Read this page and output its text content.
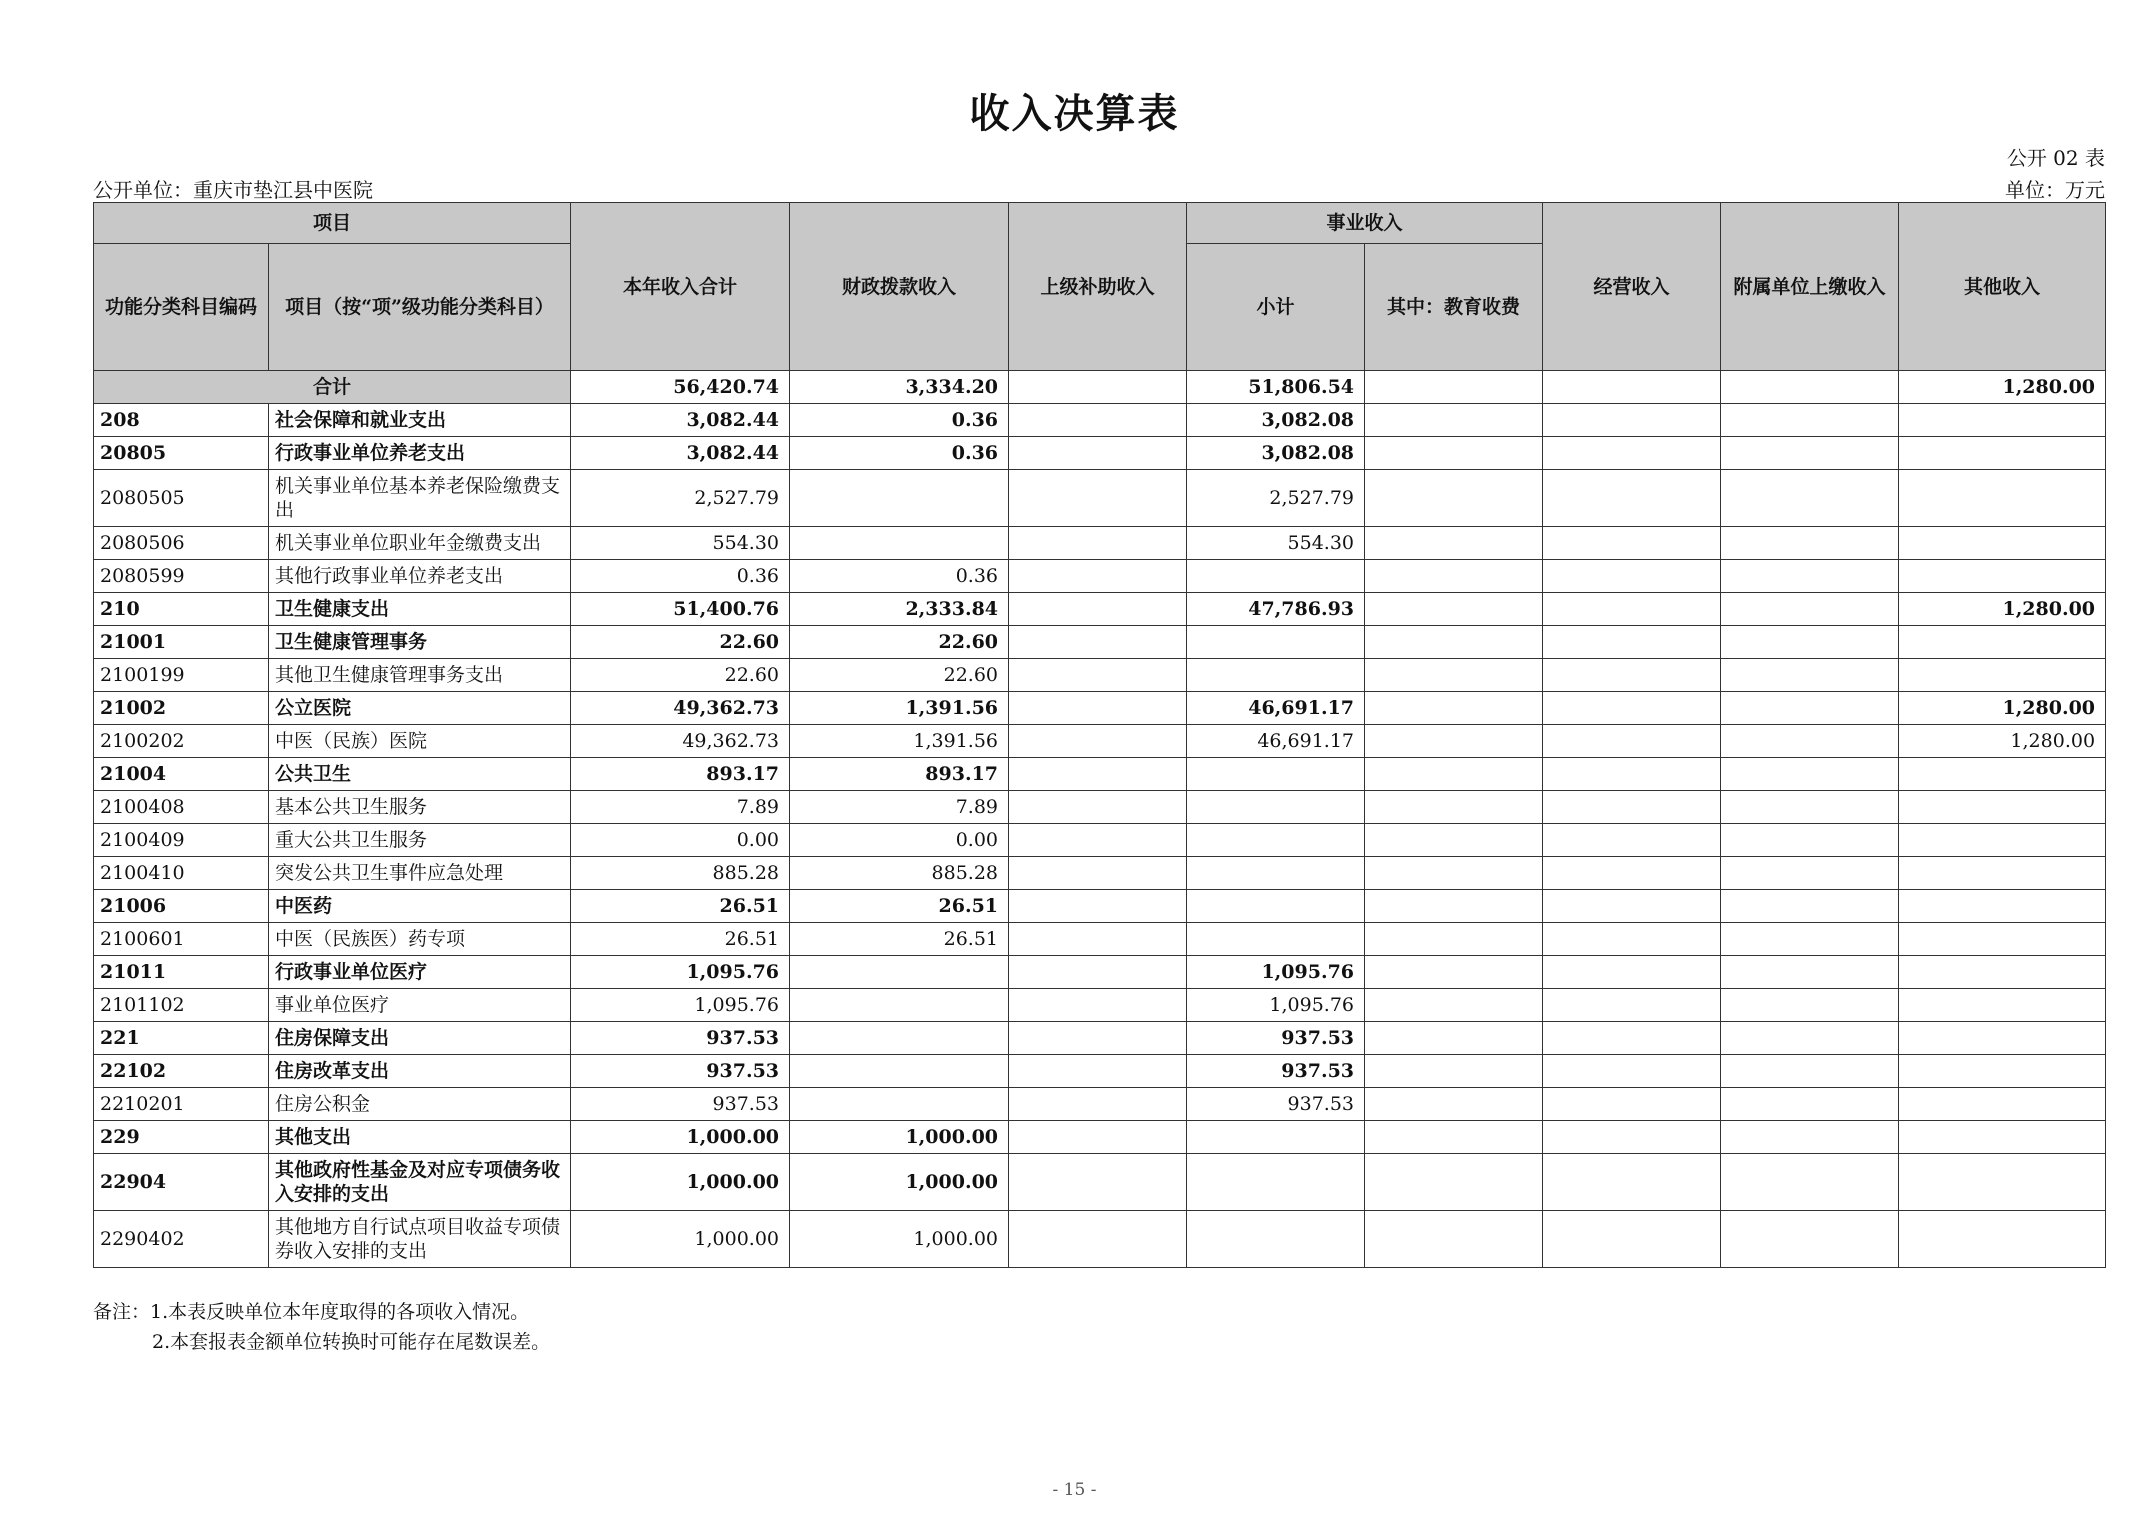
收入决算表
公开 02 表
公开单位：重庆市垫江县中医院	单位：万元
项目		本年收入合计	财政拨款收入	上级补助收入	事业收入		经营收入	附属单位上缴收入	其他收入
功能分类科目编码	项目（按“项”级功能分类科目）				小计	其中：教育收费			
合计		56,420.74	3,334.20		51,806.54				1,280.00
208	社会保障和就业支出	3,082.44	0.36		3,082.08				
20805	行政事业单位养老支出	3,082.44	0.36		3,082.08				
2080505	机关事业单位基本养老保险缴费支出	2,527.79			2,527.79				
2080506	机关事业单位职业年金缴费支出	554.30			554.30				
2080599	其他行政事业单位养老支出	0.36	0.36						
210	卫生健康支出	51,400.76	2,333.84		47,786.93				1,280.00
21001	卫生健康管理事务	22.60	22.60						
2100199	其他卫生健康管理事务支出	22.60	22.60						
21002	公立医院	49,362.73	1,391.56		46,691.17				1,280.00
2100202	中医（民族）医院	49,362.73	1,391.56		46,691.17				1,280.00
21004	公共卫生	893.17	893.17						
2100408	基本公共卫生服务	7.89	7.89						
2100409	重大公共卫生服务	0.00	0.00						
2100410	突发公共卫生事件应急处理	885.28	885.28						
21006	中医药	26.51	26.51						
2100601	中医（民族医）药专项	26.51	26.51						
21011	行政事业单位医疗	1,095.76			1,095.76				
2101102	事业单位医疗	1,095.76			1,095.76				
221	住房保障支出	937.53			937.53				
22102	住房改革支出	937.53			937.53				
2210201	住房公积金	937.53			937.53				
229	其他支出	1,000.00	1,000.00						
22904	其他政府性基金及对应专项债务收入安排的支出	1,000.00	1,000.00						
2290402	其他地方自行试点项目收益专项债券收入安排的支出	1,000.00	1,000.00						
备注：1.本表反映单位本年度取得的各项收入情况。
2.本套报表金额单位转换时可能存在尾数误差。
- 15 -
